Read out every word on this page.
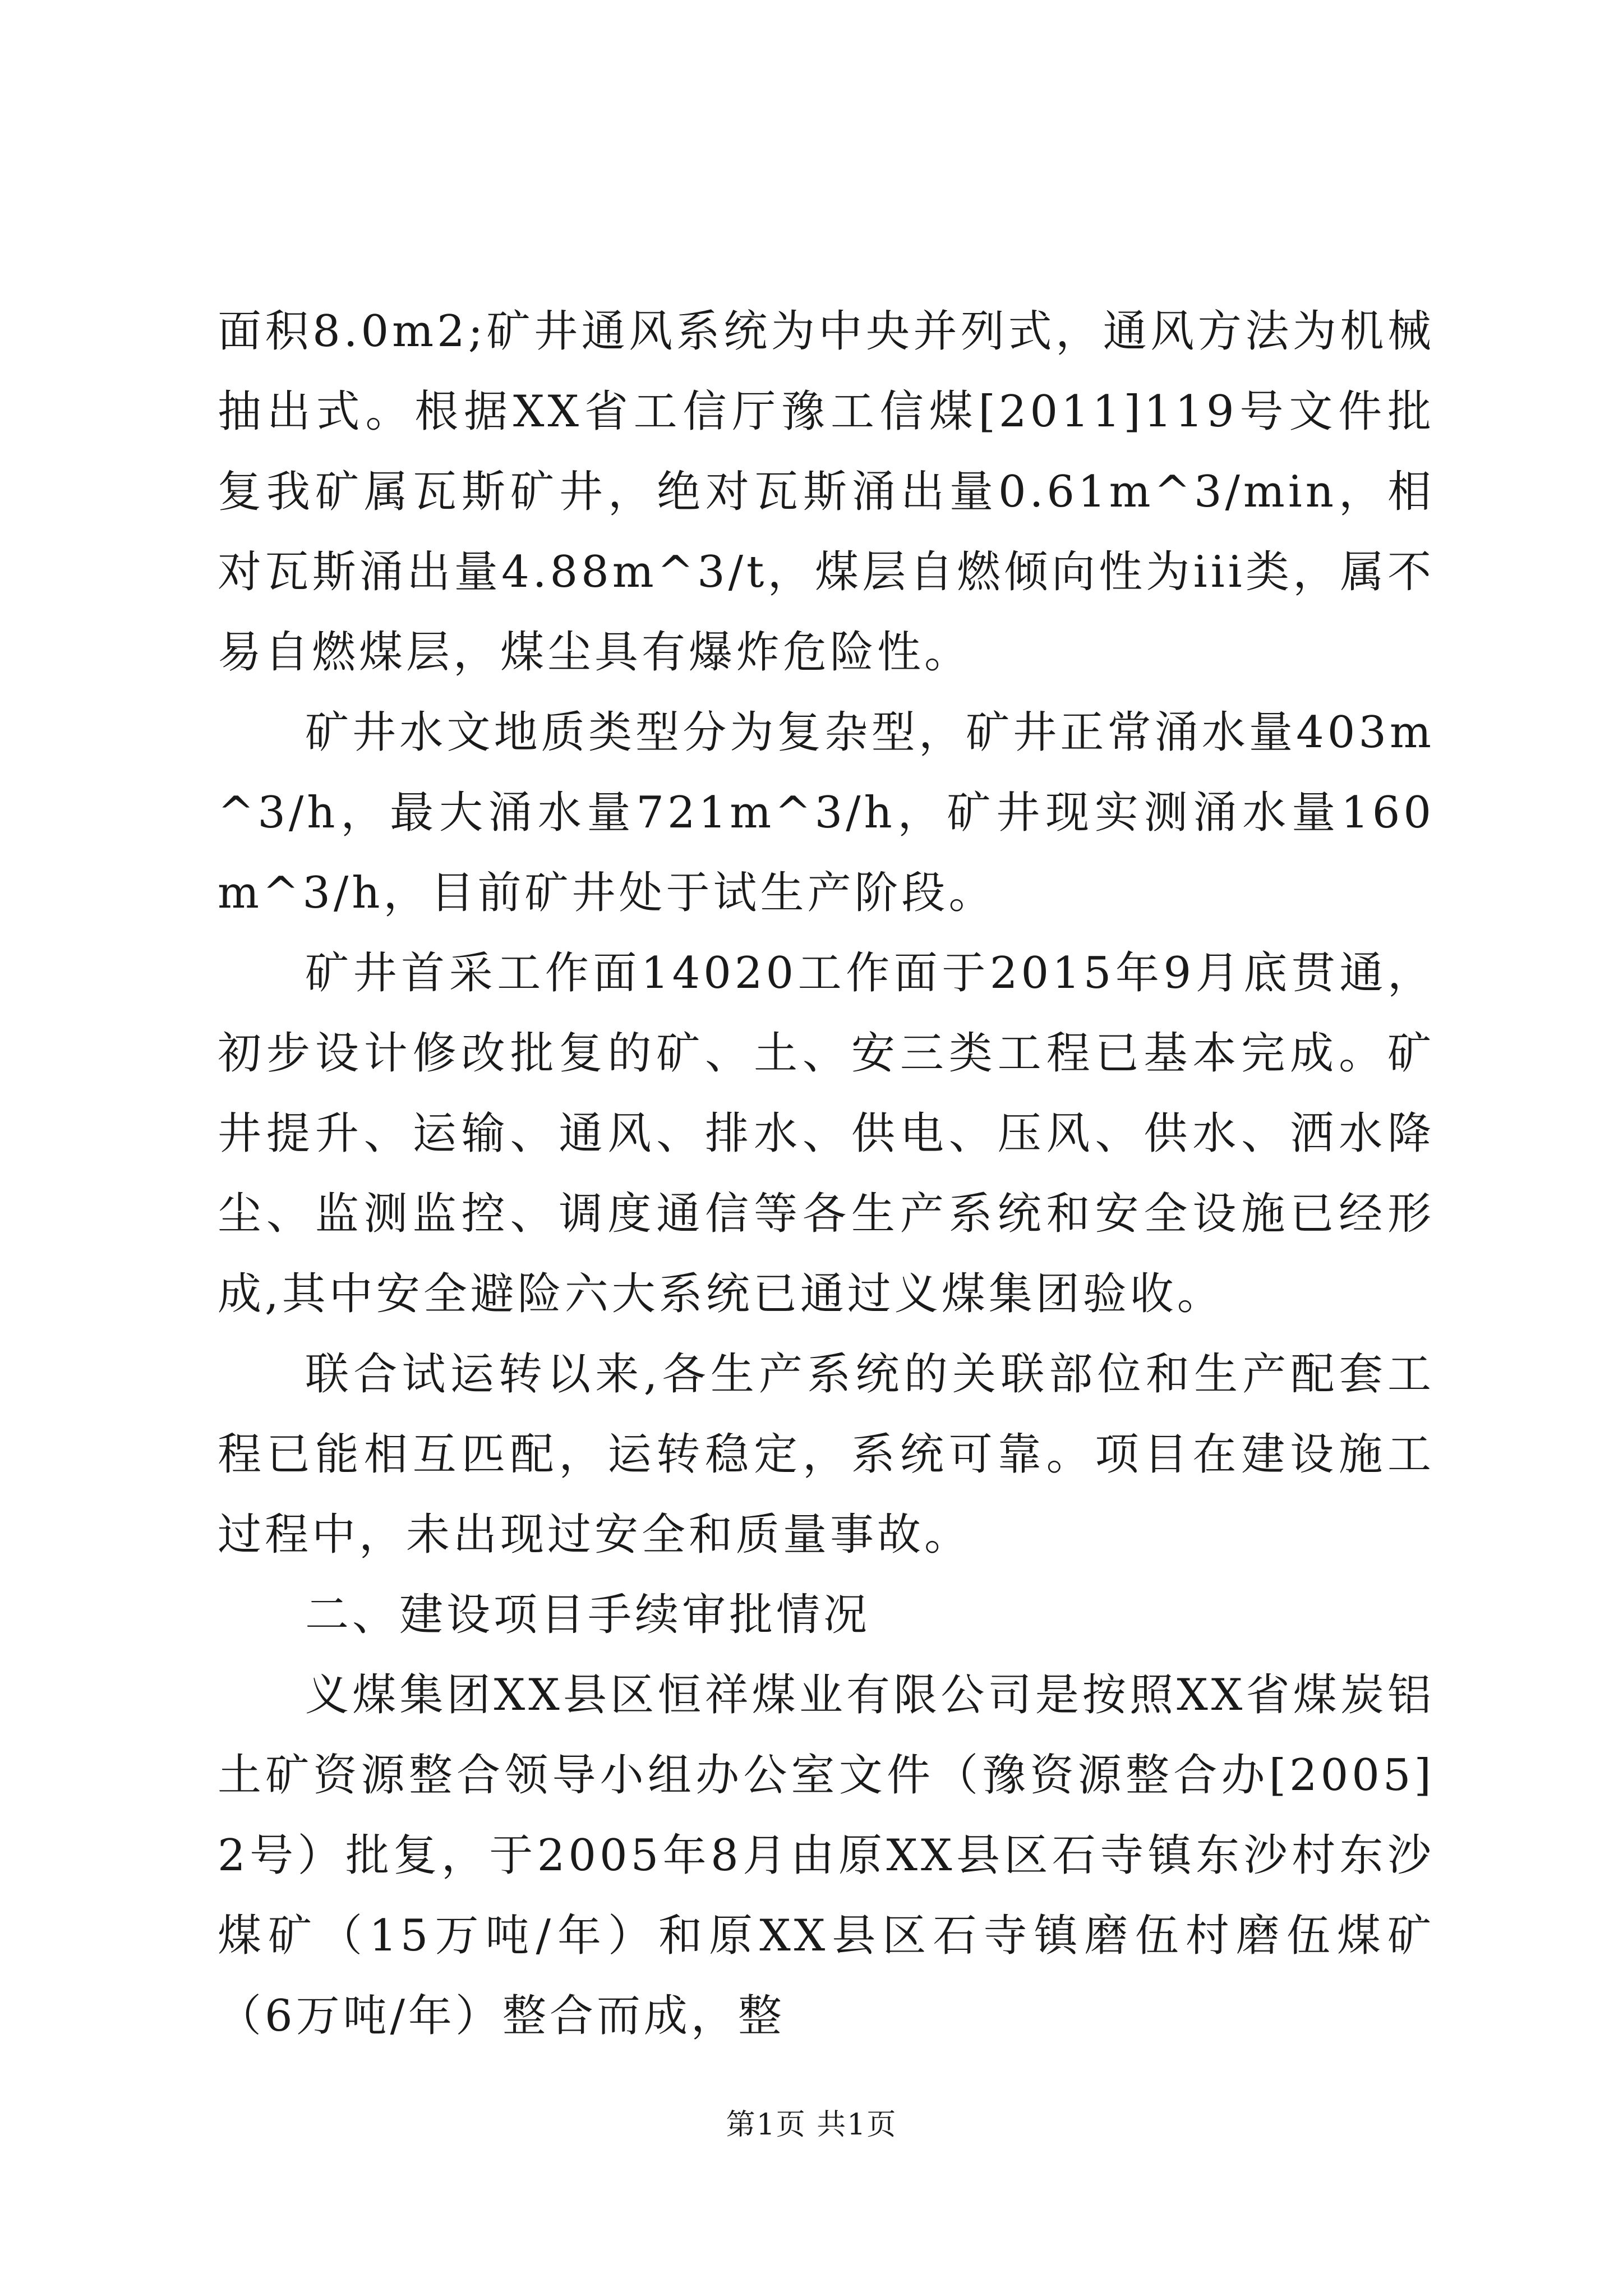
面积8.0m2;矿井通风系统为中央并列式，通风方法为机械抽出式。根据XX省工信厅豫工信煤[2011]119号文件批复我矿属瓦斯矿井，绝对瓦斯涌出量0.61m^3/min，相对瓦斯涌出量4.88m^3/t，煤层自燃倾向性为iii类，属不易自燃煤层，煤尘具有爆炸危险性。

矿井水文地质类型分为复杂型，矿井正常涌水量403m^3/h，最大涌水量721m^3/h，矿井现实测涌水量160m^3/h，目前矿井处于试生产阶段。

矿井首采工作面14020工作面于2015年9月底贯通，初步设计修改批复的矿、土、安三类工程已基本完成。矿井提升、运输、通风、排水、供电、压风、供水、洒水降尘、监测监控、调度通信等各生产系统和安全设施已经形成,其中安全避险六大系统已通过义煤集团验收。

联合试运转以来,各生产系统的关联部位和生产配套工程已能相互匹配，运转稳定，系统可靠。项目在建设施工过程中，未出现过安全和质量事故。

二、建设项目手续审批情况

义煤集团XX县区恒祥煤业有限公司是按照XX省煤炭铝土矿资源整合领导小组办公室文件（豫资源整合办[2005]2号）批复，于2005年8月由原XX县区石寺镇东沙村东沙煤矿（15万吨/年）和原XX县区石寺镇磨伍村磨伍煤矿（6万吨/年）整合而成，整

第1页 共1页
